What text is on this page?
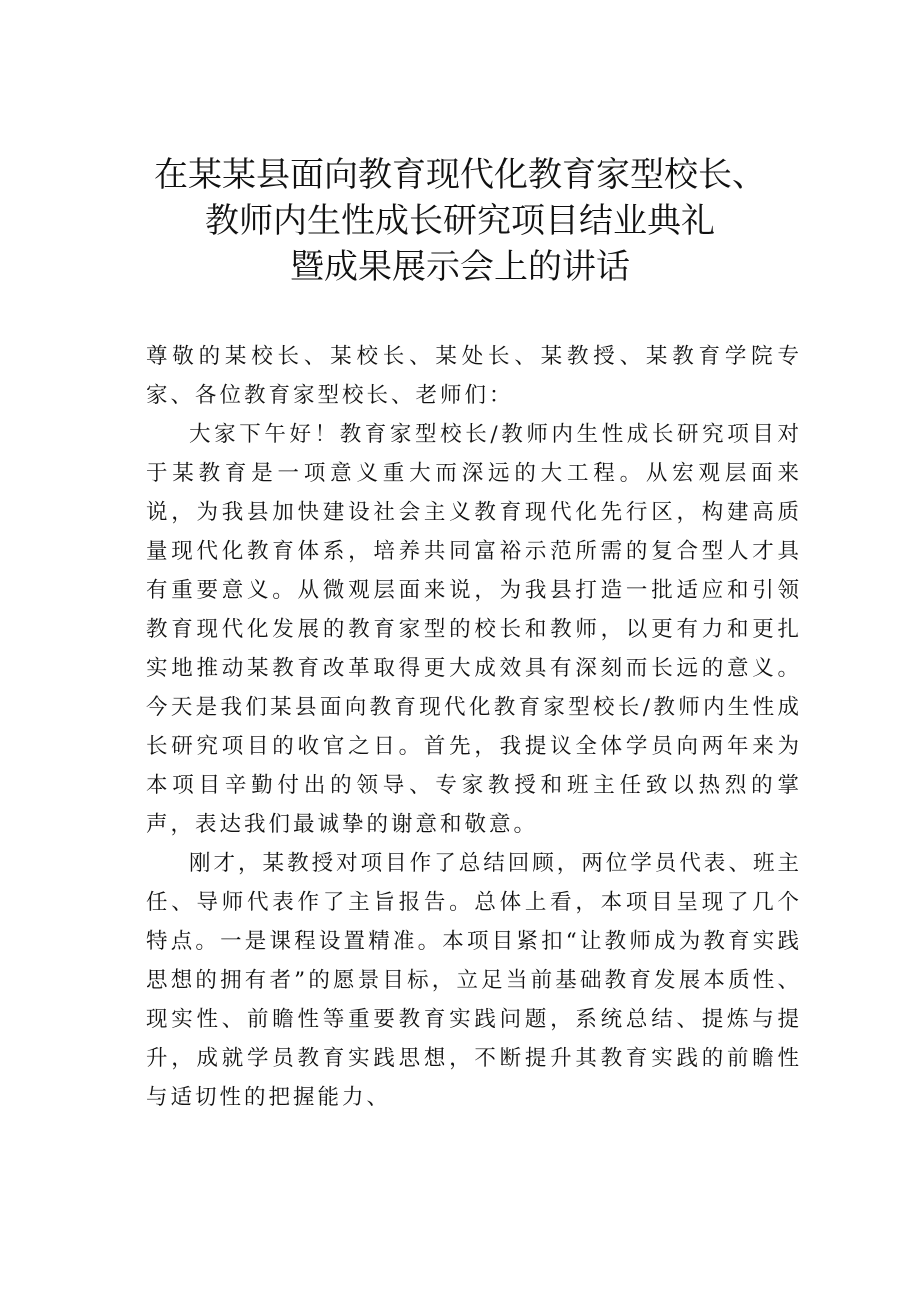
在某某县面向教育现代化教育家型校长、
教师内生性成长研究项目结业典礼
暨成果展示会上的讲话

尊敬的某校长、某校长、某处长、某教授、某教育学院专家、各位教育家型校长、老师们：

大家下午好！教育家型校长/教师内生性成长研究项目对于某教育是一项意义重大而深远的大工程。从宏观层面来说，为我县加快建设社会主义教育现代化先行区，构建高质量现代化教育体系，培养共同富裕示范所需的复合型人才具有重要意义。从微观层面来说，为我县打造一批适应和引领教育现代化发展的教育家型的校长和教师，以更有力和更扎实地推动某教育改革取得更大成效具有深刻而长远的意义。今天是我们某县面向教育现代化教育家型校长/教师内生性成长研究项目的收官之日。首先，我提议全体学员向两年来为本项目辛勤付出的领导、专家教授和班主任致以热烈的掌声，表达我们最诚挚的谢意和敬意。

刚才，某教授对项目作了总结回顾，两位学员代表、班主任、导师代表作了主旨报告。总体上看，本项目呈现了几个特点。一是课程设置精准。本项目紧扣“让教师成为教育实践思想的拥有者”的愿景目标，立足当前基础教育发展本质性、现实性、前瞻性等重要教育实践问题，系统总结、提炼与提升，成就学员教育实践思想，不断提升其教育实践的前瞻性与适切性的把握能力、
